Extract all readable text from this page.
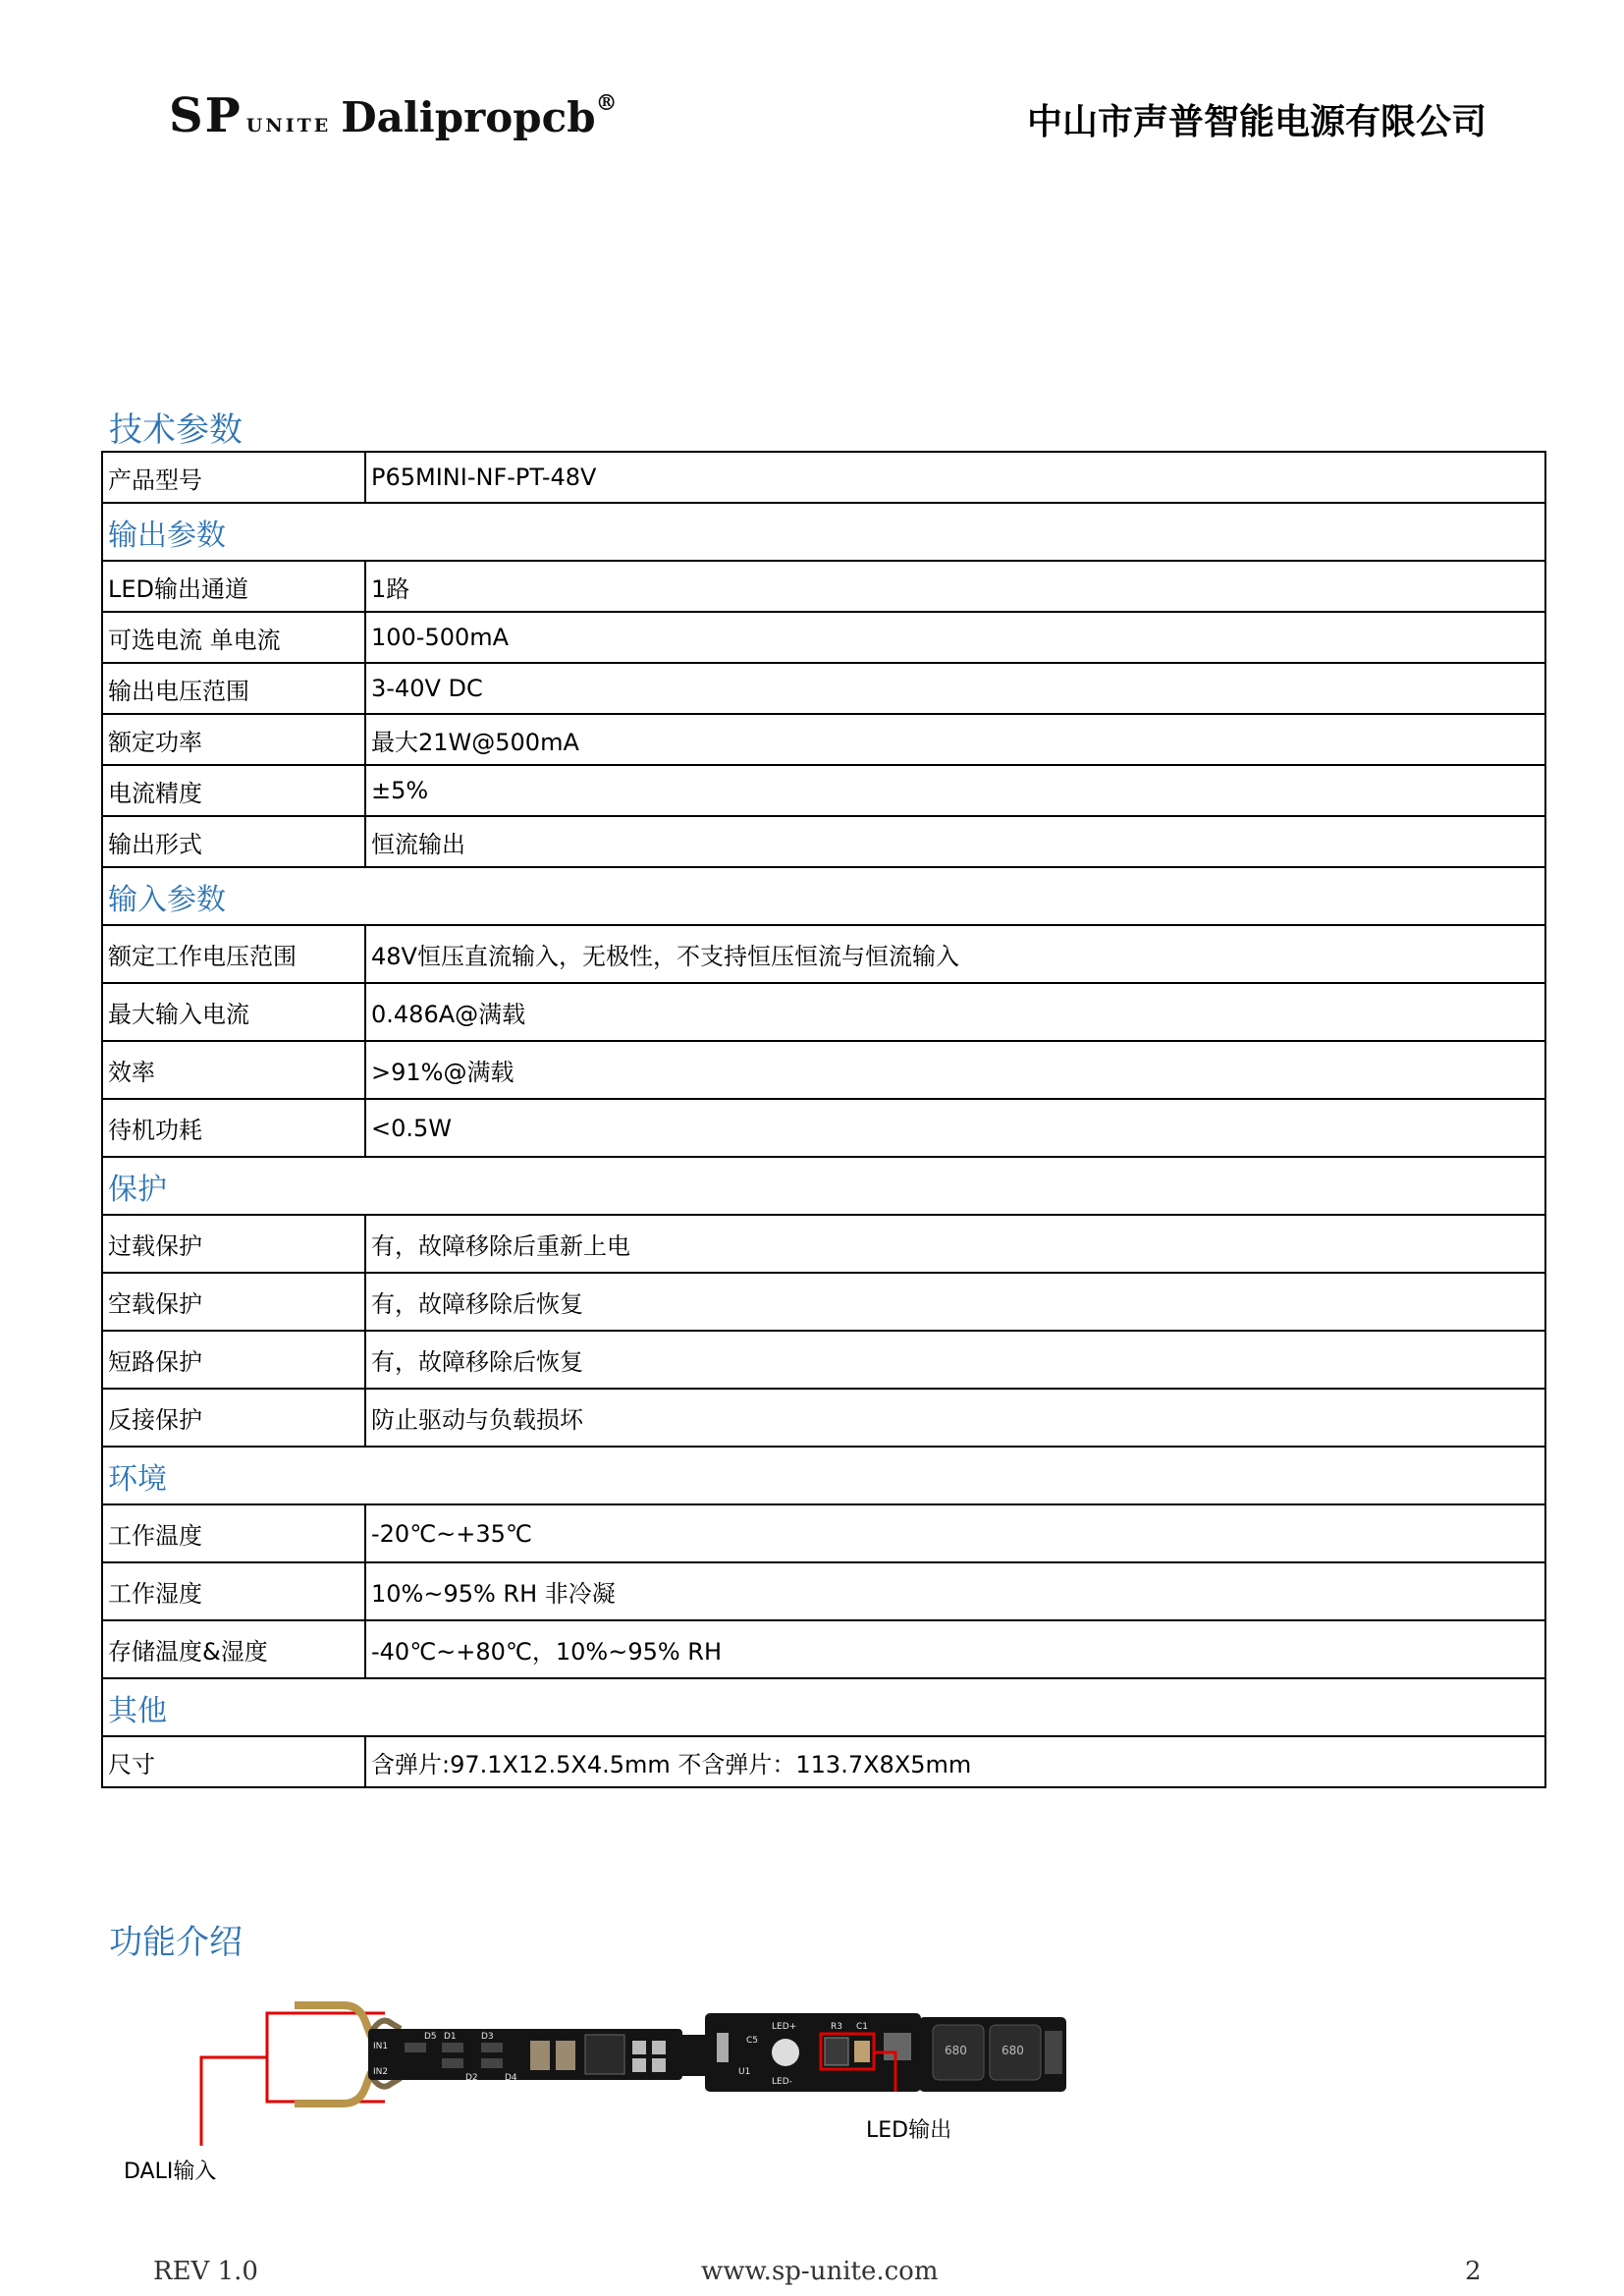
SP UNITE Dalipropcb®	中山市声普智能电源有限公司
技术参数
产品型号	P65MINI-NF-PT-48V
输出参数	
LED输出通道	1路
可选电流 单电流	100-500mA
输出电压范围	3-40V DC
额定功率	最大21W@500mA
电流精度	±5%
输出形式	恒流输出
输入参数	
额定工作电压范围	48V恒压直流输入，无极性，不支持恒压恒流与恒流输入
最大输入电流	0.486A@满载
效率	>91%@满载
待机功耗	<0.5W
保护	
过载保护	有，故障移除后重新上电
空载保护	有，故障移除后恢复
短路保护	有，故障移除后恢复
反接保护	防止驱动与负载损坏
环境	
工作温度	-20℃~+35℃
工作湿度	10%~95% RH 非冷凝
存储温度&湿度	-40℃~+80℃，10%~95% RH
其他	
尺寸	含弹片:97.1X12.5X4.5mm 不含弹片：113.7X8X5mm
功能介绍
IN1
IN2
D5 D1	D3
D2	D4
C5
LED+	R3 C1
U1
LED-
680	680
LED输出
DALI输入
REV 1.0	www.sp-unite.com	2
